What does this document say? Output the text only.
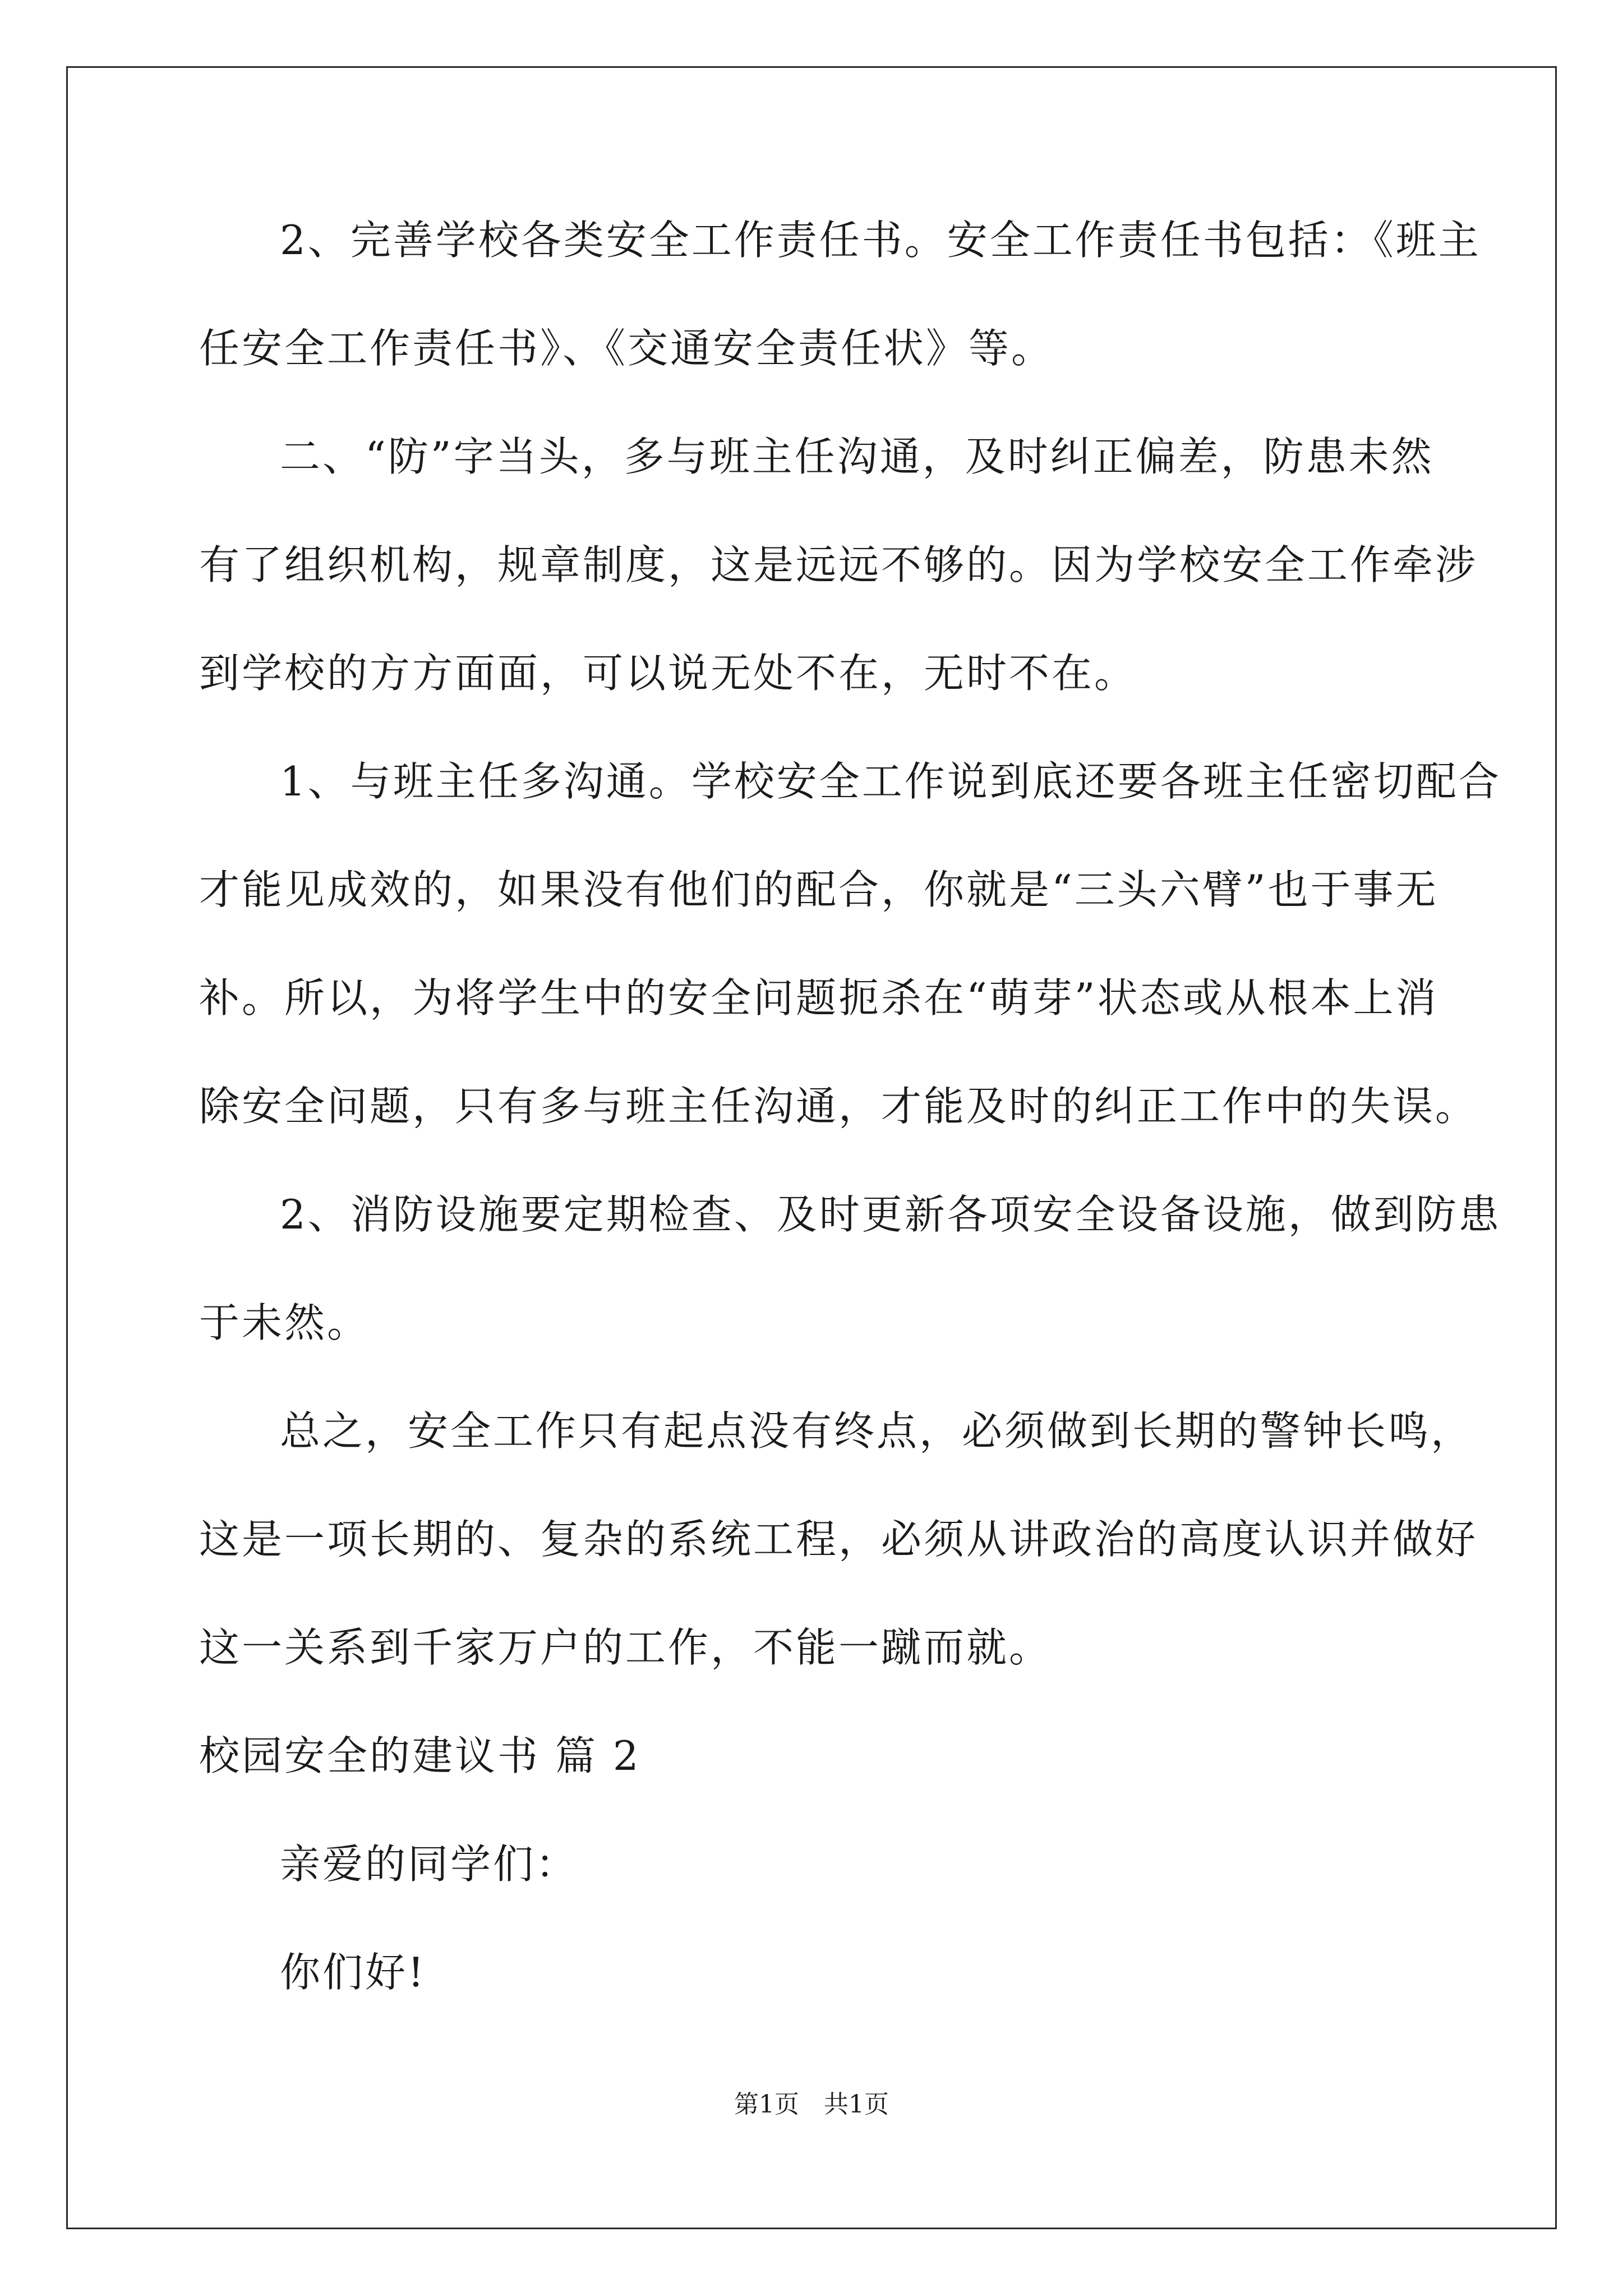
2、完善学校各类安全工作责任书。安全工作责任书包括：《班主
任安全工作责任书》、《交通安全责任状》等。
二、“防”字当头，多与班主任沟通，及时纠正偏差，防患未然
有了组织机构，规章制度，这是远远不够的。因为学校安全工作牵涉
到学校的方方面面，可以说无处不在，无时不在。
1、与班主任多沟通。学校安全工作说到底还要各班主任密切配合
才能见成效的，如果没有他们的配合，你就是“三头六臂”也于事无
补。所以，为将学生中的安全问题扼杀在“萌芽”状态或从根本上消
除安全问题，只有多与班主任沟通，才能及时的纠正工作中的失误。
2、消防设施要定期检查、及时更新各项安全设备设施，做到防患
于未然。
总之，安全工作只有起点没有终点，必须做到长期的警钟长鸣，
这是一项长期的、复杂的系统工程，必须从讲政治的高度认识并做好
这一关系到千家万户的工作，不能一蹴而就。
校园安全的建议书 篇 2
亲爱的同学们：
你们好!
第1页 共1页
